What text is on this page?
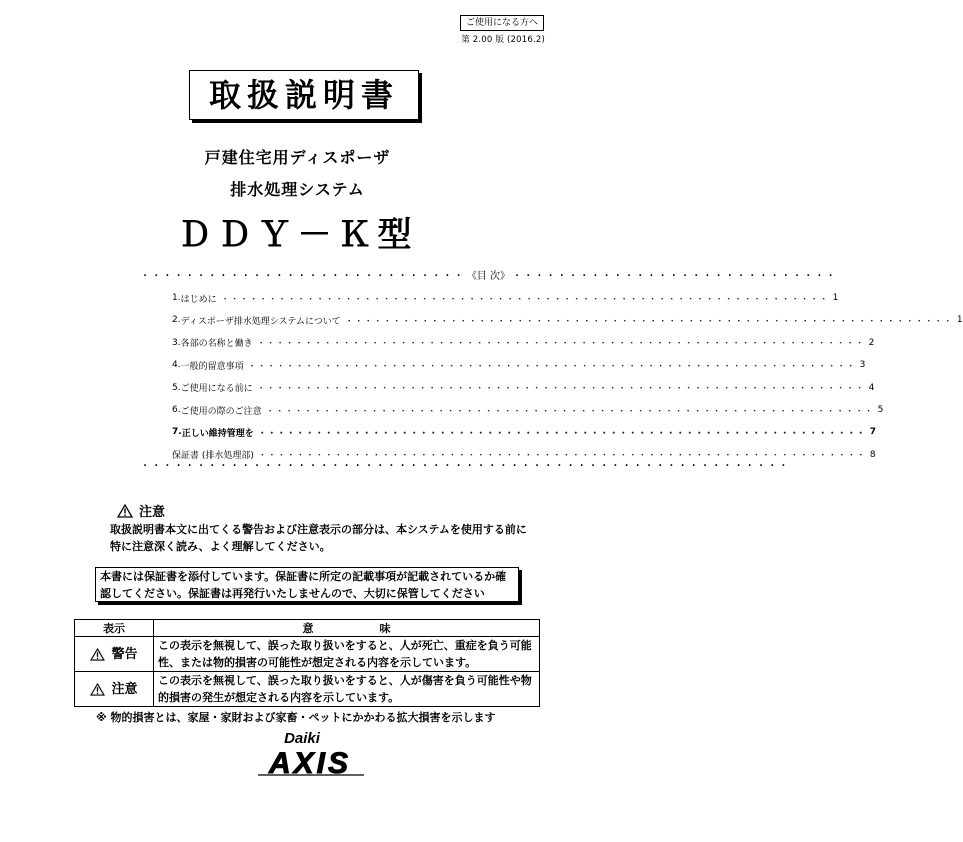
ご使用になる方へ
第 2.00 版 (2016.2)
取扱説明書
戸建住宅用ディスポーザ
排水処理システム
ＤＤＹ－Ｋ型
・・・・・・・・・・・・・・・・・・・・・・・・・・・・・ 《目 次》 ・・・・・・・・・・・・・・・・・・・・・・・・・・・・・
1. はじめに ・・・・・・・・・・・・・・・・・・・・・・・・・・・・・・・・・・・・・・・・・・・・・・・・・・・・・・・・・・・・・・・・ 1
2. ディスポーザ排水処理システムについて ・・・・・・・・・・・・・・・・・・・・・・・・・・・・・・・・・・・・・・・・・・・・・・・・・・・・・・・・・・・・・・・・ 1
3. 各部の名称と働き ・・・・・・・・・・・・・・・・・・・・・・・・・・・・・・・・・・・・・・・・・・・・・・・・・・・・・・・・・・・・・・・・ 2
4. 一般的留意事項 ・・・・・・・・・・・・・・・・・・・・・・・・・・・・・・・・・・・・・・・・・・・・・・・・・・・・・・・・・・・・・・・・ 3
5. ご使用になる前に ・・・・・・・・・・・・・・・・・・・・・・・・・・・・・・・・・・・・・・・・・・・・・・・・・・・・・・・・・・・・・・・・ 4
6. ご使用の際のご注意 ・・・・・・・・・・・・・・・・・・・・・・・・・・・・・・・・・・・・・・・・・・・・・・・・・・・・・・・・・・・・・・・・ 5
7. 正しい維持管理を ・・・・・・・・・・・・・・・・・・・・・・・・・・・・・・・・・・・・・・・・・・・・・・・・・・・・・・・・・・・・・・・・ 7
保証書 (排水処理部) ・・・・・・・・・・・・・・・・・・・・・・・・・・・・・・・・・・・・・・・・・・・・・・・・・・・・・・・・・・・・・・・・ 8
・・・・・・・・・・・・・・・・・・・・・・・・・・・・・・・・・・・・・・・・・・・・・・・・・・・・・・・・・・
注意
取扱説明書本文に出てくる警告および注意表示の部分は、本システムを使用する前に特に注意深く読み、よく理解してください。
本書には保証書を添付しています。保証書に所定の記載事項が記載されているか確認してください。保証書は再発行いたしませんので、大切に保管してください
表示	意　　　　　　味
警告	この表示を無視して、誤った取り扱いをすると、人が死亡、重症を負う可能性、または物的損害の可能性が想定される内容を示しています。
注意	この表示を無視して、誤った取り扱いをすると、人が傷害を負う可能性や物的損害の発生が想定される内容を示しています。
※ 物的損害とは、家屋・家財および家畜・ペットにかかわる拡大損害を示します
Daiki
AXIS
